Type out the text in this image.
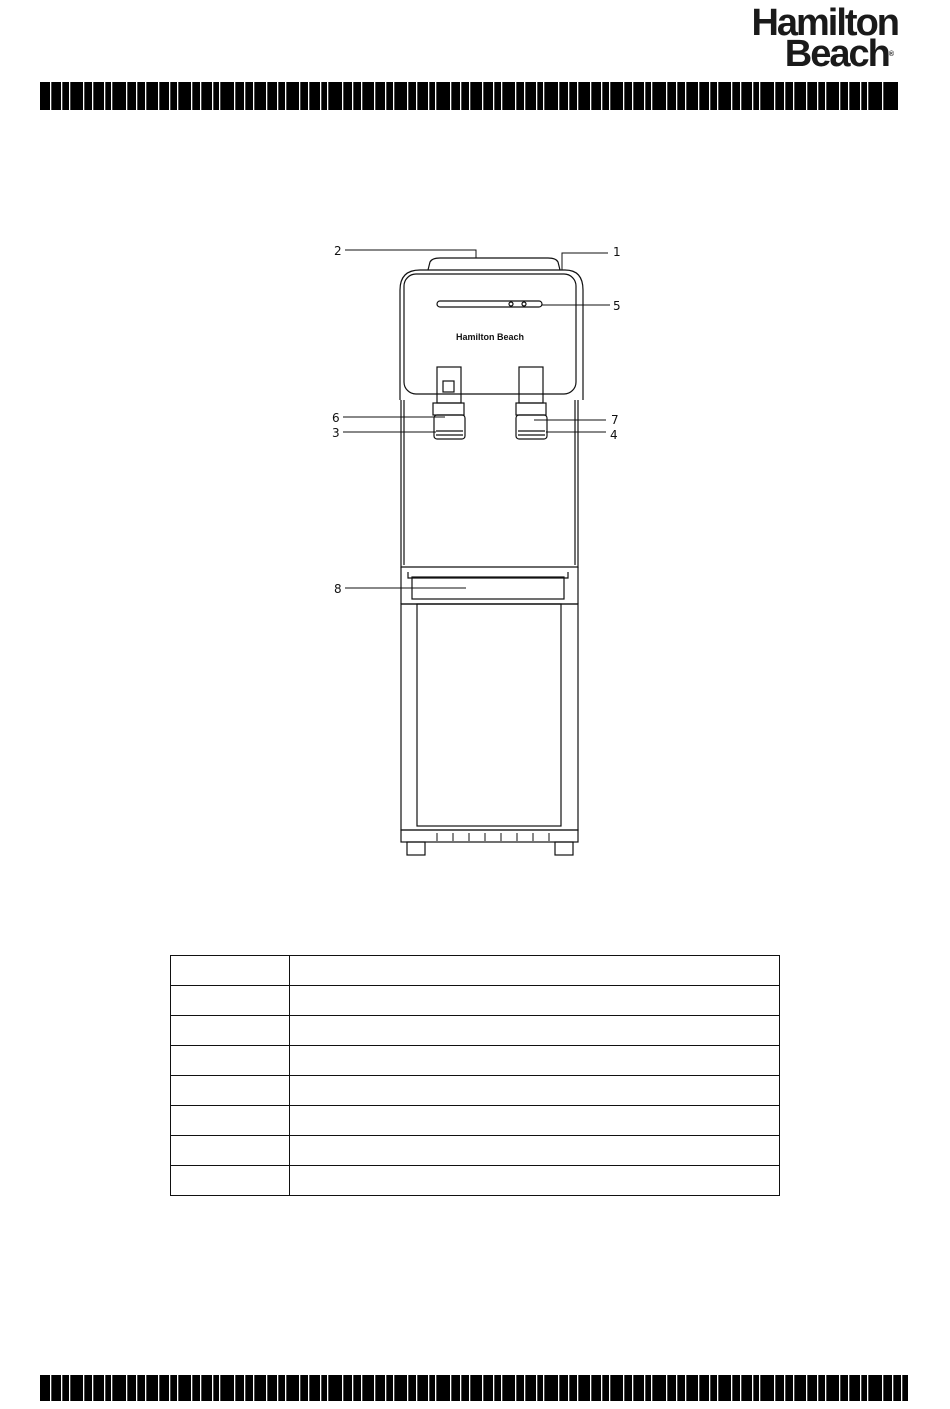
Hamilton

Beach®
Hamilton Beach
1
2
3	4
5
6	7
8
